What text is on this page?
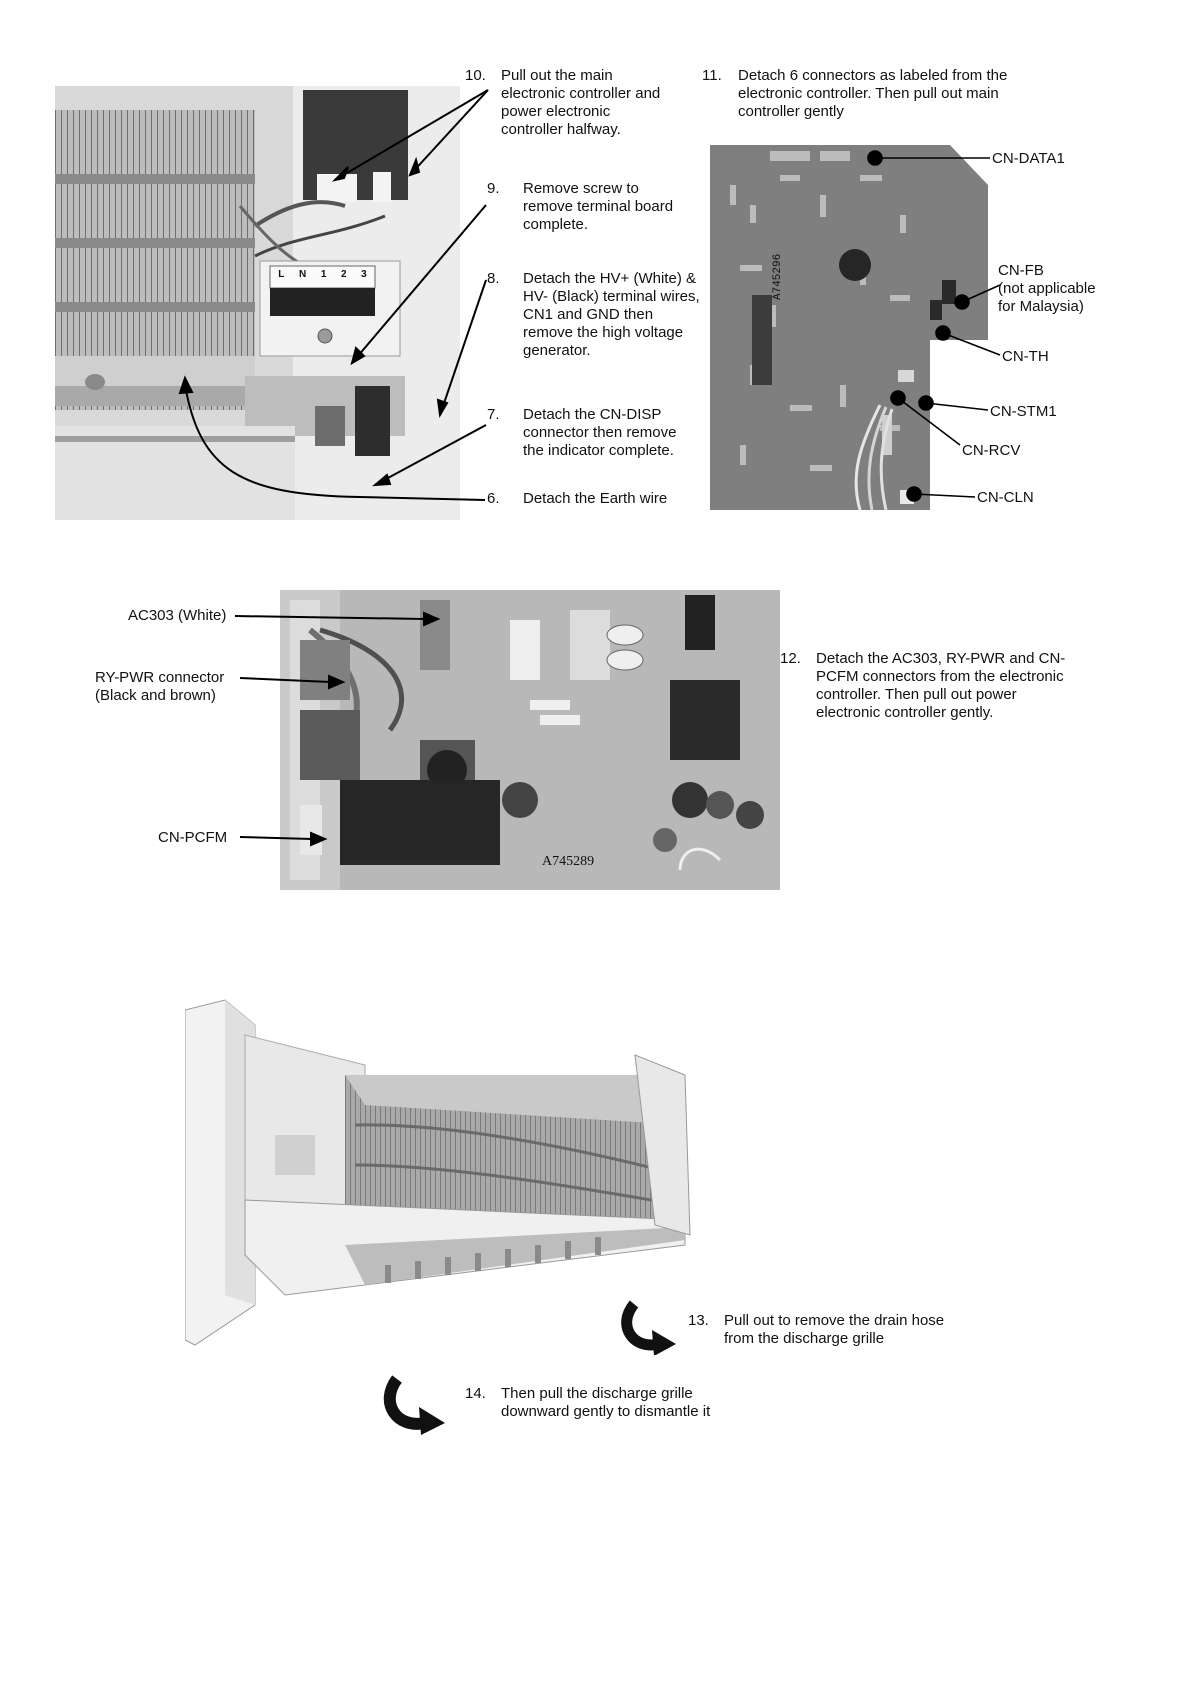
L N 1 2 3	A745296
10.	Pull out the main electronic controller and power electronic controller halfway.
11.	Detach 6 connectors as labeled from the electronic controller. Then pull out main controller gently
9.	Remove screw to remove terminal board complete.
8.	Detach the HV+ (White) & HV- (Black) terminal wires, CN1 and GND then remove the high voltage generator.
7.	Detach the CN-DISP connector then remove the indicator complete.
6.	Detach the Earth wire
CN-DATA1
CN-FB
(not applicable for Malaysia)
CN-TH
CN-STM1
CN-RCV
CN-CLN
A745289
AC303 (White)
RY-PWR connector (Black and brown)
CN-PCFM
12.	Detach the AC303, RY-PWR and CN-PCFM connectors from the electronic controller. Then pull out power electronic controller gently.
13.	Pull out to remove the drain hose from the discharge grille
14.	Then pull the discharge grille downward gently to dismantle it
